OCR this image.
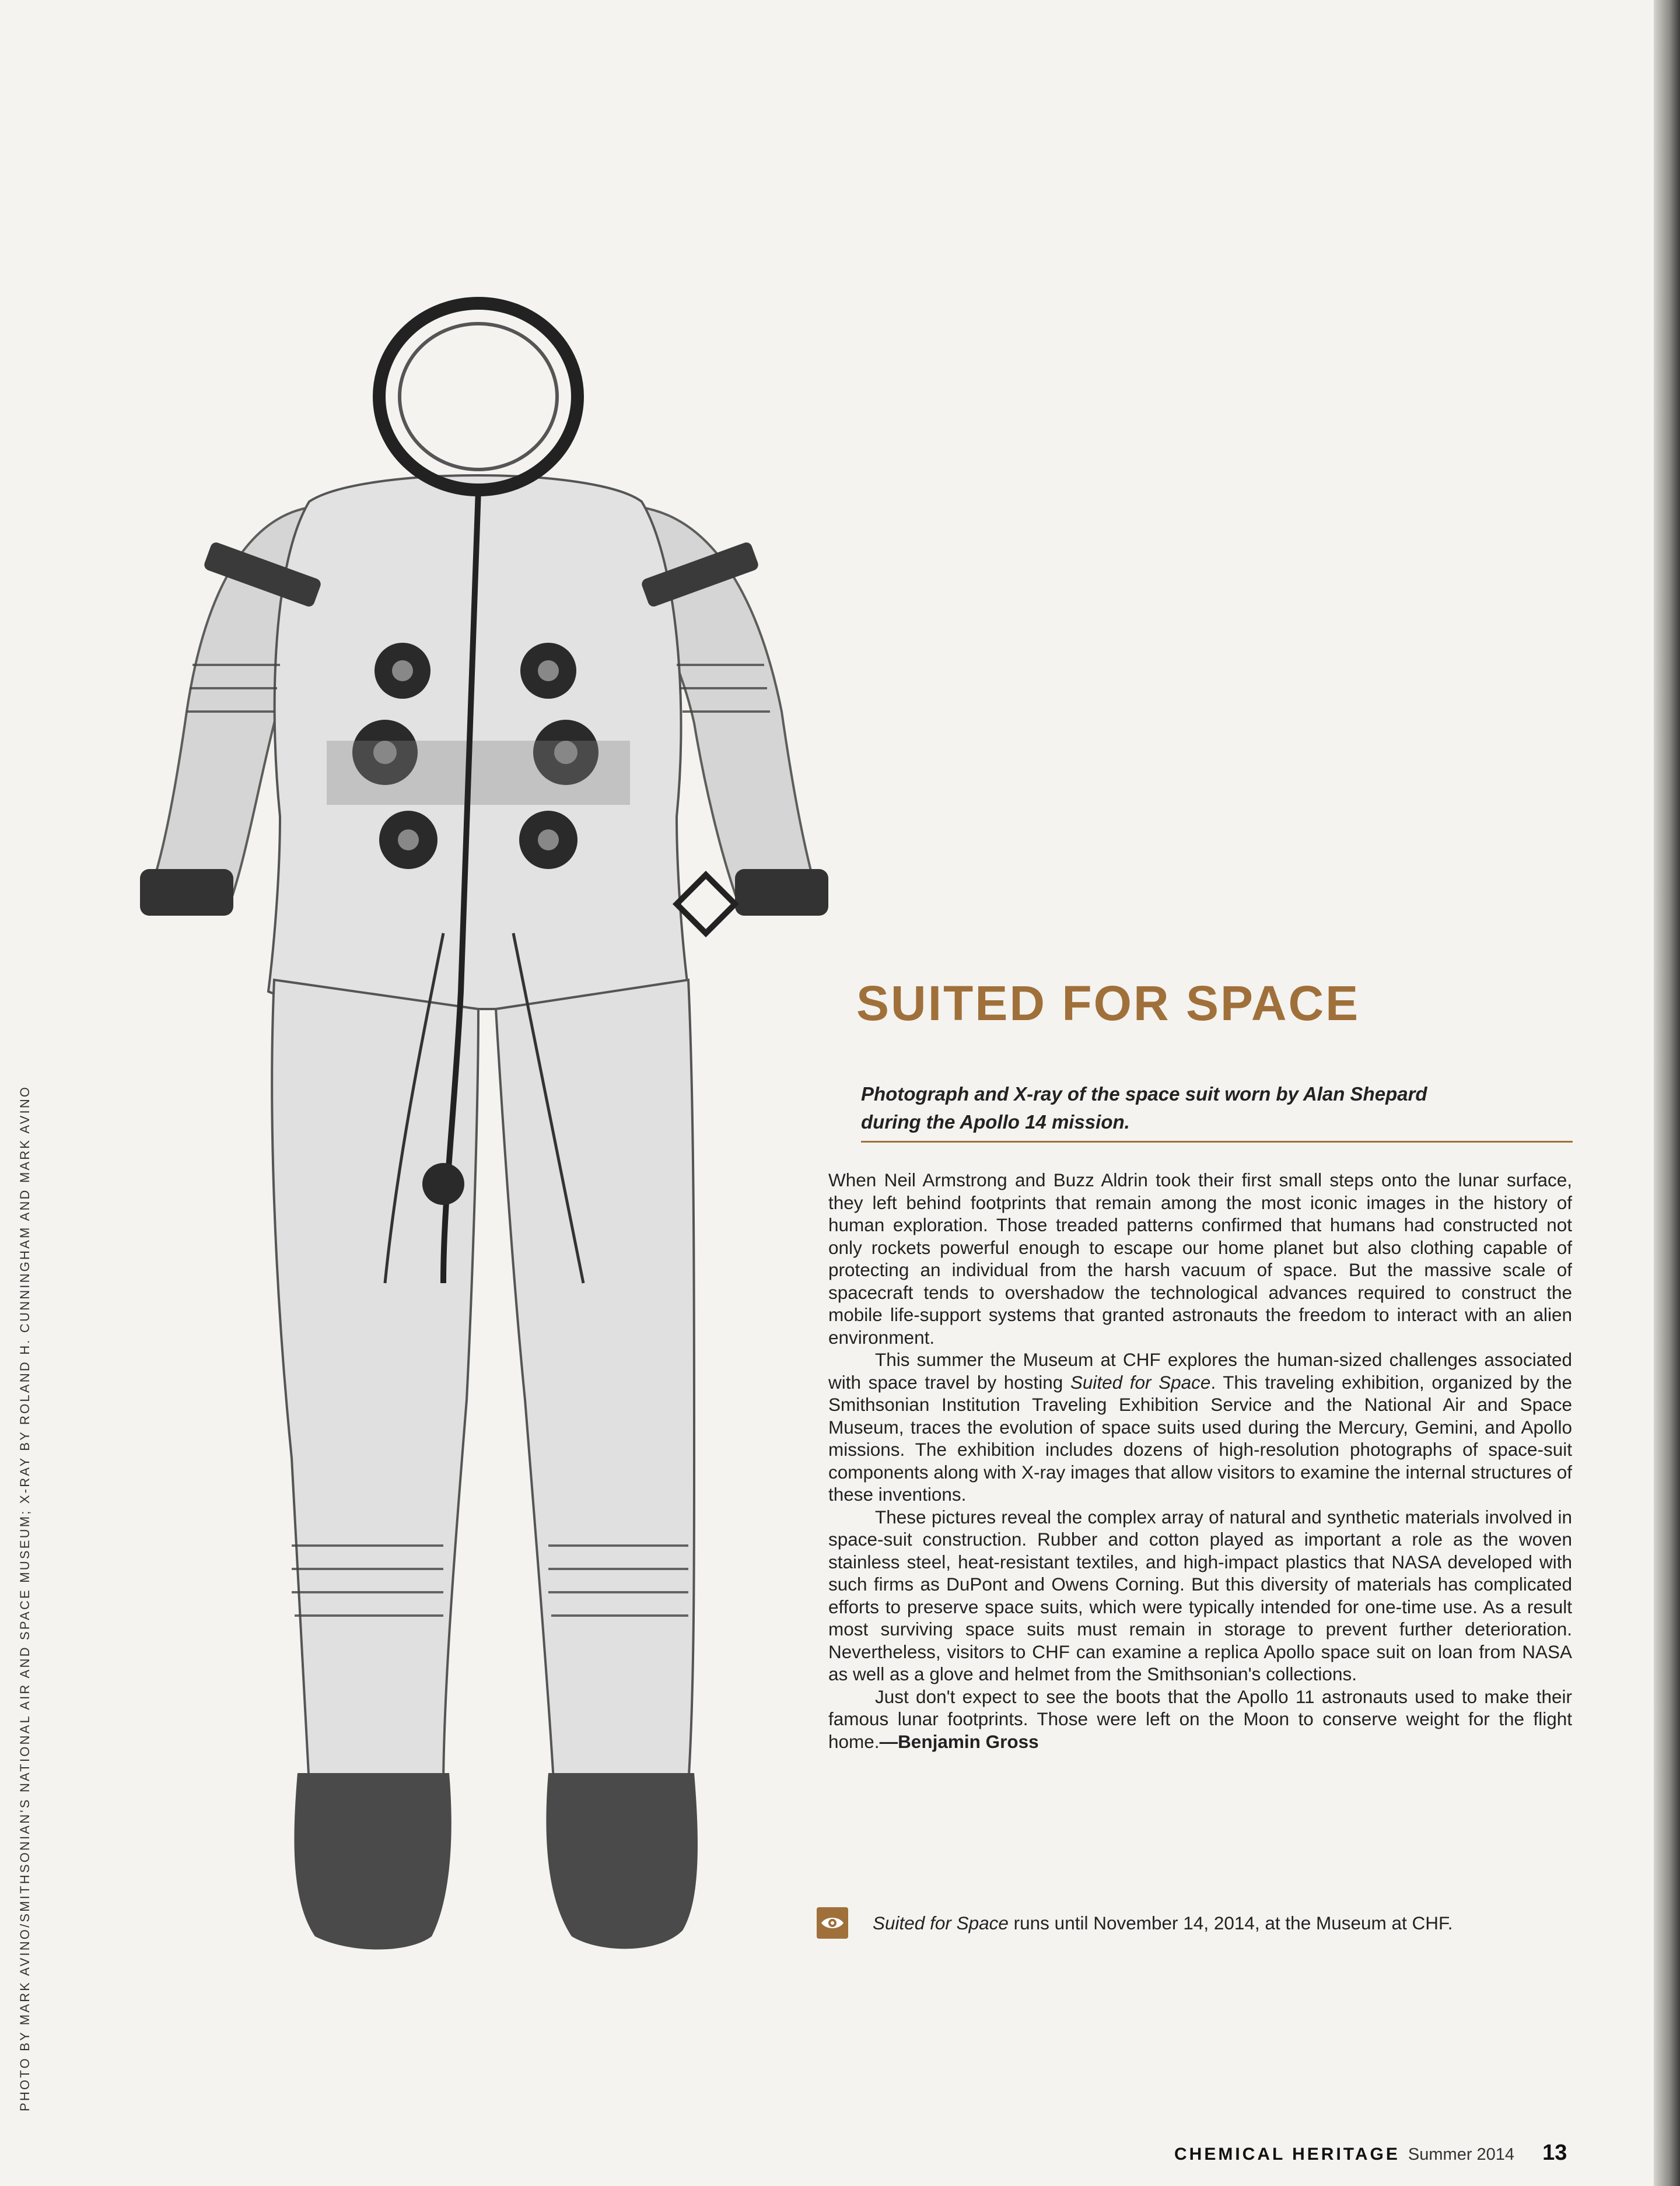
PHOTO BY MARK AVINO/SMITHSONIAN'S NATIONAL AIR AND SPACE MUSEUM; X-RAY BY ROLAND H. CUNNINGHAM AND MARK AVINO
SUITED FOR SPACE

Photograph and X-ray of the space suit worn by Alan Shepard during the Apollo 14 mission.

When Neil Armstrong and Buzz Aldrin took their first small steps onto the lunar surface, they left behind footprints that remain among the most iconic images in the history of human exploration. Those treaded patterns confirmed that humans had constructed not only rockets powerful enough to escape our home planet but also clothing capable of protecting an individual from the harsh vacuum of space. But the massive scale of spacecraft tends to overshadow the technological advances required to construct the mobile life-support systems that granted astronauts the freedom to interact with an alien environment.

This summer the Museum at CHF explores the human-sized challenges associated with space travel by hosting Suited for Space. This traveling exhibition, organized by the Smithsonian Institution Traveling Exhibition Service and the National Air and Space Museum, traces the evolution of space suits used during the Mercury, Gemini, and Apollo missions. The exhibition includes dozens of high-resolution photographs of space-suit components along with X-ray images that allow visitors to examine the internal structures of these inventions.

These pictures reveal the complex array of natural and synthetic materials involved in space-suit construction. Rubber and cotton played as important a role as the woven stainless steel, heat-resistant textiles, and high-impact plastics that NASA developed with such firms as DuPont and Owens Corning. But this diversity of materials has complicated efforts to preserve space suits, which were typically intended for one-time use. As a result most surviving space suits must remain in storage to prevent further deterioration. Nevertheless, visitors to CHF can examine a replica Apollo space suit on loan from NASA as well as a glove and helmet from the Smithsonian's collections.

Just don't expect to see the boots that the Apollo 11 astronauts used to make their famous lunar footprints. Those were left on the Moon to conserve weight for the flight home.—Benjamin Gross

Suited for Space runs until November 14, 2014, at the Museum at CHF.
CHEMICAL HERITAGE Summer 2014 13
